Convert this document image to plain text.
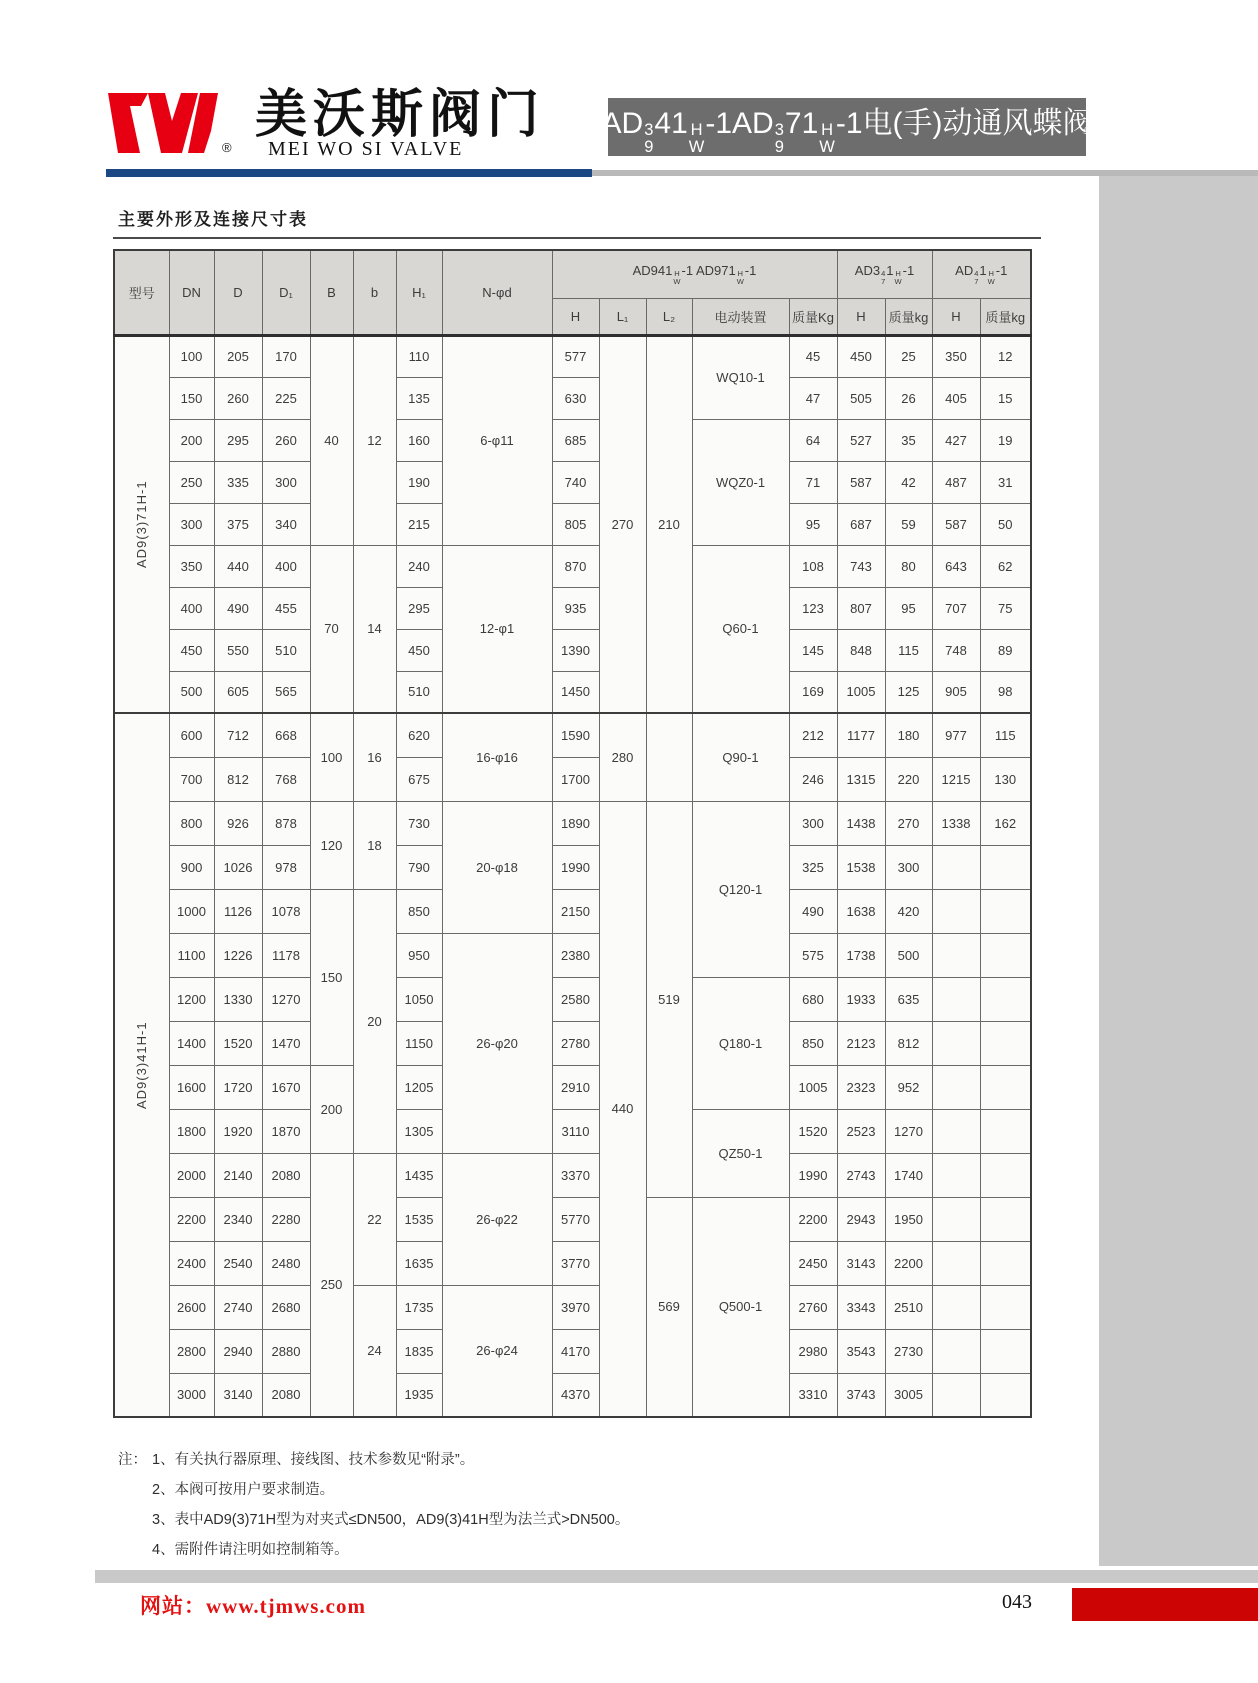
®
美沃斯阀门
MEI WO SI VALVE
AD 3
9
41 H
W
-1AD 3
9
71 H
W
-1电(手)动通风蝶阀
主要外形及连接尺寸表
型号	DN	D	D₁	B	b	H₁	N-φd	AD941 H
W
-1 AD971 H
W
-1	AD3 4
7
1 H
W
-1	AD 4
7
1 H
W
-1
								H	L₁	L₂	电动装置	质量Kg	H	质量kg	H	质量kg
AD9(3)71H-1	100	205	170	40	12	110	6-φ11	577	270	210	WQ10-1	45	450	25	350	12
	150	260	225			135		630				47	505	26	405	15
	200	295	260			160		685			WQZ0-1	64	527	35	427	19
	250	335	300			190		740				71	587	42	487	31
	300	375	340			215		805				95	687	59	587	50
	350	440	400	70	14	240	12-φ1	870			Q60-1	108	743	80	643	62
	400	490	455			295		935				123	807	95	707	75
	450	550	510			450		1390				145	848	115	748	89
	500	605	565			510		1450				169	1005	125	905	98
AD9(3)41H-1	600	712	668	100	16	620	16-φ16	1590	280		Q90-1	212	1177	180	977	115
	700	812	768			675		1700				246	1315	220	1215	130
	800	926	878	120	18	730	20-φ18	1890	440	519	Q120-1	300	1438	270	1338	162
	900	1026	978			790		1990				325	1538	300		
	1000	1126	1078	150	20	850		2150				490	1638	420		
	1100	1226	1178			950	26-φ20	2380				575	1738	500		
	1200	1330	1270			1050		2580			Q180-1	680	1933	635		
	1400	1520	1470			1150		2780				850	2123	812		
	1600	1720	1670	200		1205		2910				1005	2323	952		
	1800	1920	1870			1305		3110			QZ50-1	1520	2523	1270		
	2000	2140	2080	250	22	1435	26-φ22	3370				1990	2743	1740		
	2200	2340	2280			1535		5770		569	Q500-1	2200	2943	1950		
	2400	2540	2480			1635		3770				2450	3143	2200		
	2600	2740	2680		24	1735	26-φ24	3970				2760	3343	2510		
	2800	2940	2880			1835		4170				2980	3543	2730		
	3000	3140	2080			1935		4370				3310	3743	3005		
注： 1、有关执行器原理、接线图、技术参数见“附录”。
2、本阀可按用户要求制造。
3、表中AD9(3)71H型为对夹式≤DN500，AD9(3)41H型为法兰式>DN500。
4、需附件请注明如控制箱等。
网站：www.tjmws.com	043
